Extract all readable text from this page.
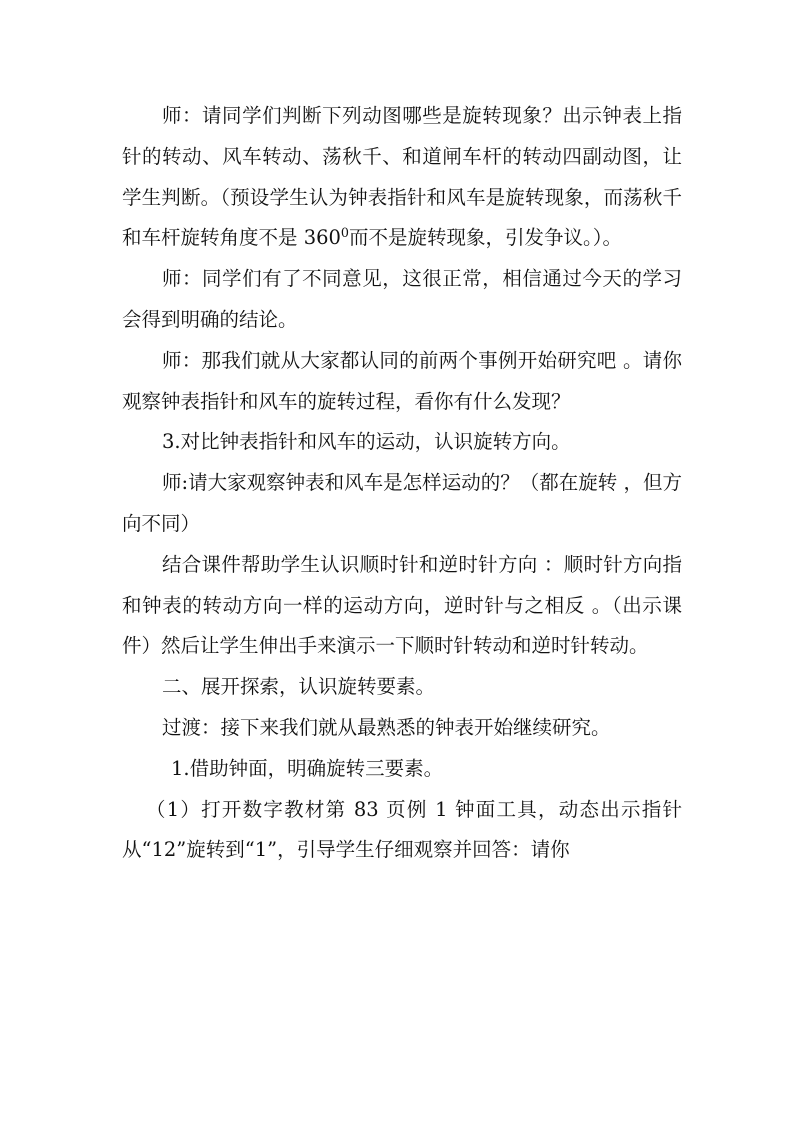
师：请同学们判断下列动图哪些是旋转现象？出示钟表上指针的转动、风车转动、荡秋千、和道闸车杆的转动四副动图，让学生判断。（预设学生认为钟表指针和风车是旋转现象，而荡秋千和车杆旋转角度不是 $360^0$而不是旋转现象，引发争议。）。

师：同学们有了不同意见，这很正常，相信通过今天的学习会得到明确的结论。

师：那我们就从大家都认同的前两个事例开始研究吧 。请你观察钟表指针和风车的旋转过程，看你有什么发现？

3.对比钟表指针和风车的运动，认识旋转方向。

师:请大家观察钟表和风车是怎样运动的？（都在旋转 ，但方向不同）

结合课件帮助学生认识顺时针和逆时针方向 ：顺时针方向指和钟表的转动方向一样的运动方向，逆时针与之相反 。（出示课件）然后让学生伸出手来演示一下顺时针转动和逆时针转动。

二、展开探索，认识旋转要素。

过渡：接下来我们就从最熟悉的钟表开始继续研究。

1.借助钟面，明确旋转三要素。

（1）打开数字教材第 83 页例 1 钟面工具，动态出示指针从“12”旋转到“1”，引导学生仔细观察并回答：请你
